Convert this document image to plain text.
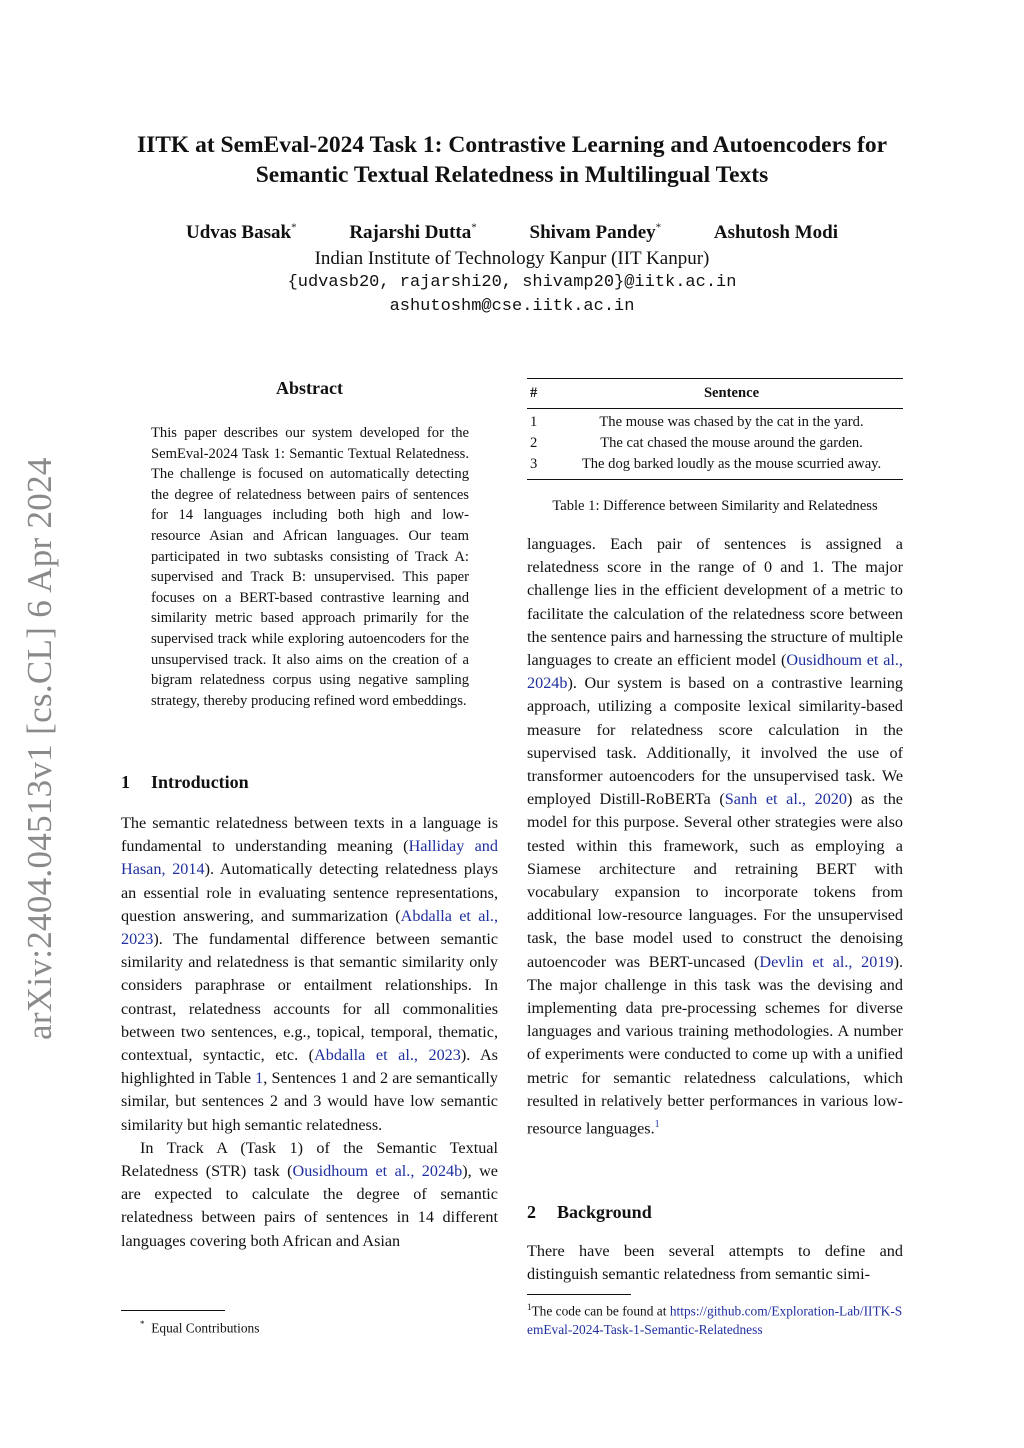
arXiv:2404.04513v1 [cs.CL] 6 Apr 2024
IITK at SemEval-2024 Task 1: Contrastive Learning and Autoencoders for
Semantic Textual Relatedness in Multilingual Texts
Udvas Basak*	Rajarshi Dutta*	Shivam Pandey*	Ashutosh Modi
Indian Institute of Technology Kanpur (IIT Kanpur)
{udvasb20, rajarshi20, shivamp20}@iitk.ac.in
ashutoshm@cse.iitk.ac.in
Abstract

This paper describes our system developed for the SemEval-2024 Task 1: Semantic Textual Relatedness. The challenge is focused on automatically detecting the degree of relatedness between pairs of sentences for 14 languages including both high and low-resource Asian and African languages. Our team participated in two subtasks consisting of Track A: supervised and Track B: unsupervised. This paper focuses on a BERT-based contrastive learning and similarity metric based approach primarily for the supervised track while exploring autoencoders for the unsupervised track. It also aims on the creation of a bigram relatedness corpus using negative sampling strategy, thereby producing refined word embeddings.

1 Introduction

The semantic relatedness between texts in a language is fundamental to understanding meaning (Halliday and Hasan, 2014). Automatically detecting relatedness plays an essential role in evaluating sentence representations, question answering, and summarization (Abdalla et al., 2023). The fundamental difference between semantic similarity and relatedness is that semantic similarity only considers paraphrase or entailment relationships. In contrast, relatedness accounts for all commonalities between two sentences, e.g., topical, temporal, thematic, contextual, syntactic, etc. (Abdalla et al., 2023). As highlighted in Table 1, Sentences 1 and 2 are semantically similar, but sentences 2 and 3 would have low semantic similarity but high semantic relatedness.

In Track A (Task 1) of the Semantic Textual Relatedness (STR) task (Ousidhoum et al., 2024b), we are expected to calculate the degree of semantic relatedness between pairs of sentences in 14 different languages covering both African and Asian

* Equal Contributions
#	Sentence
1	The mouse was chased by the cat in the yard.
2	The cat chased the mouse around the garden.
3	The dog barked loudly as the mouse scurried away.
Table 1: Difference between Similarity and Relatedness

languages. Each pair of sentences is assigned a relatedness score in the range of 0 and 1. The major challenge lies in the efficient development of a metric to facilitate the calculation of the relatedness score between the sentence pairs and harnessing the structure of multiple languages to create an efficient model (Ousidhoum et al., 2024b). Our system is based on a contrastive learning approach, utilizing a composite lexical similarity-based measure for relatedness score calculation in the supervised task. Additionally, it involved the use of transformer autoencoders for the unsupervised task. We employed Distill-RoBERTa (Sanh et al., 2020) as the model for this purpose. Several other strategies were also tested within this framework, such as employing a Siamese architecture and retraining BERT with vocabulary expansion to incorporate tokens from additional low-resource languages. For the unsupervised task, the base model used to construct the denoising autoencoder was BERT-uncased (Devlin et al., 2019). The major challenge in this task was the devising and implementing data pre-processing schemes for diverse languages and various training methodologies. A number of experiments were conducted to come up with a unified metric for semantic relatedness calculations, which resulted in relatively better performances in various low-resource languages.$^1$

2 Background

There have been several attempts to define and distinguish semantic relatedness from semantic simi-

$^1$The code can be found at https://github.com/Exploration-Lab/IITK-SemEval-2024-Task-1-Semantic-Relatedness
